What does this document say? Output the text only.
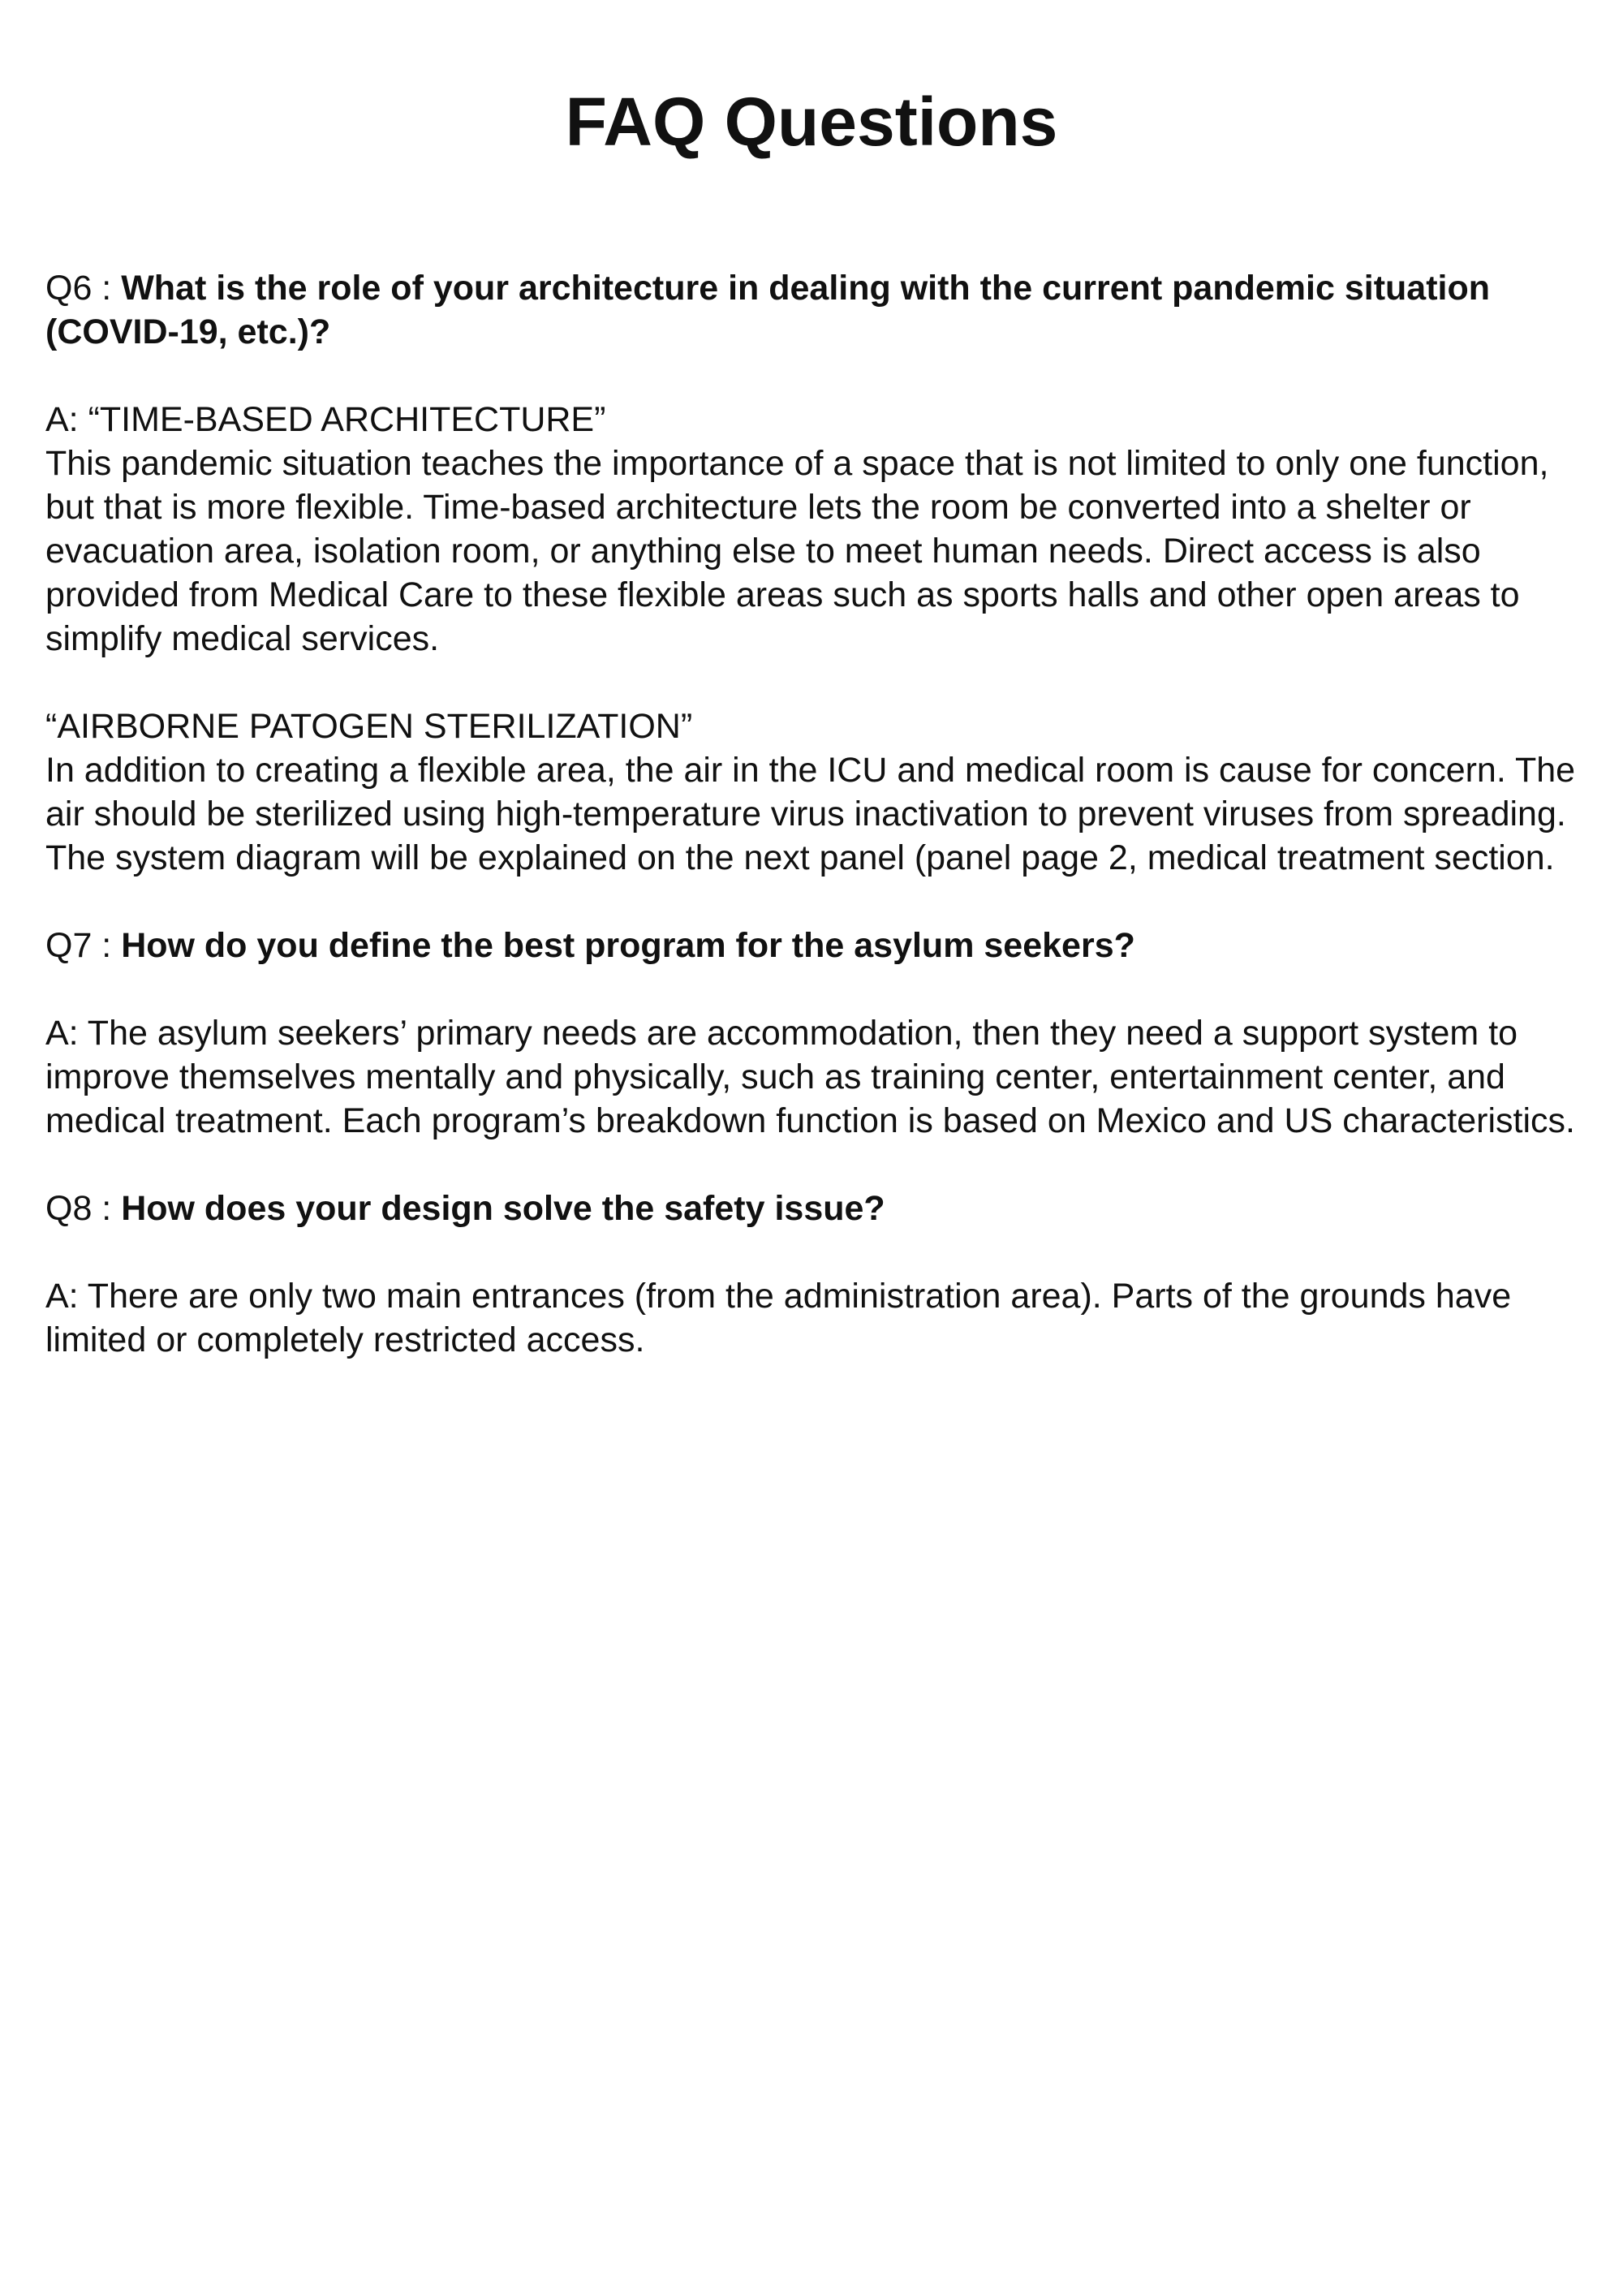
FAQ Questions

Q6 : What is the role of your architecture in dealing with the current pandemic situation (COVID-19, etc.)?

A: “TIME-BASED ARCHITECTURE”

This pandemic situation teaches the importance of a space that is not limited to only one function, but that is more flexible. Time-based architecture lets the room be converted into a shelter or evacuation area, isolation room, or anything else to meet human needs. Direct access is also provided from Medical Care to these flexible areas such as sports halls and other open areas to simplify medical services.

“AIRBORNE PATOGEN STERILIZATION”

In addition to creating a flexible area, the air in the ICU and medical room is cause for concern. The air should be sterilized using high-temperature virus inactivation to prevent viruses from spreading. The system diagram will be explained on the next panel (panel page 2, medical treatment section.

Q7 : How do you define the best program for the asylum seekers?

A: The asylum seekers’ primary needs are accommodation, then they need a support system to improve themselves mentally and physically, such as training center, entertainment center, and medical treatment. Each program’s breakdown function is based on Mexico and US characteristics.

Q8 : How does your design solve the safety issue?

A: There are only two main entrances (from the administration area). Parts of the grounds have limited or completely restricted access.
